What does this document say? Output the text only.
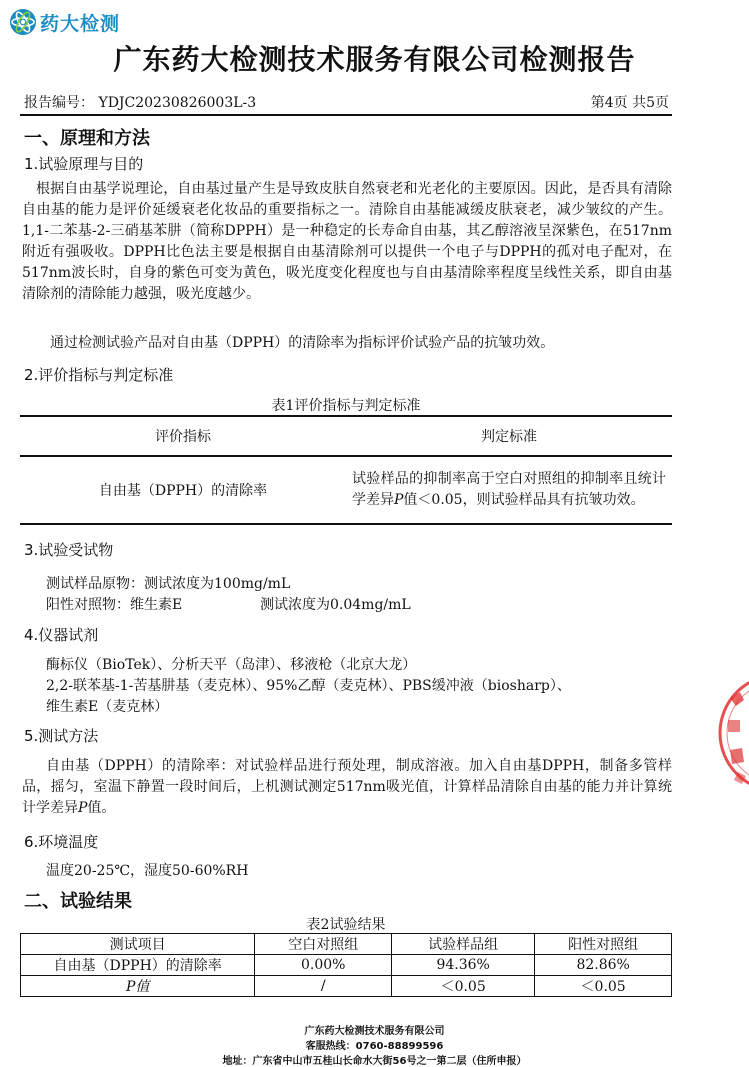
药大检测
广东药大检测技术服务有限公司检测报告
报告编号： YDJC20230826003L-3	第4页 共5页
一、原理和方法
1.试验原理与目的
根据自由基学说理论，自由基过量产生是导致皮肤自然衰老和光老化的主要原因。因此，是否具有清除自由基的能力是评价延缓衰老化妆品的重要指标之一。清除自由基能减缓皮肤衰老，减少皱纹的产生。1,1-二苯基-2-三硝基苯肼（简称DPPH）是一种稳定的长寿命自由基，其乙醇溶液呈深紫色，在517nm附近有强吸收。DPPH比色法主要是根据自由基清除剂可以提供一个电子与DPPH的孤对电子配对，在517nm波长时，自身的紫色可变为黄色，吸光度变化程度也与自由基清除率程度呈线性关系，即自由基清除剂的清除能力越强，吸光度越少。
通过检测试验产品对自由基（DPPH）的清除率为指标评价试验产品的抗皱功效。
2.评价指标与判定标准
表1评价指标与判定标准
评价指标	判定标准
自由基（DPPH）的清除率	试验样品的抑制率高于空白对照组的抑制率且统计学差异P值＜0.05，则试验样品具有抗皱功效。
3.试验受试物
测试样品原物：测试浓度为100mg/mL
阳性对照物：维生素E	测试浓度为0.04mg/mL
4.仪器试剂
酶标仪（BioTek）、分析天平（岛津）、移液枪（北京大龙）
2,2-联苯基-1-苦基肼基（麦克林）、95%乙醇（麦克林）、PBS缓冲液（biosharp）、
维生素E（麦克林）
5.测试方法
自由基（DPPH）的清除率：对试验样品进行预处理，制成溶液。加入自由基DPPH，制备多管样品，摇匀，室温下静置一段时间后，上机测试测定517nm吸光值，计算样品清除自由基的能力并计算统计学差异P值。
6.环境温度
温度20-25℃，湿度50-60%RH
二、试验结果
表2试验结果
测试项目	空白对照组	试验样品组	阳性对照组
自由基（DPPH）的清除率	0.00%	94.36%	82.86%
P值	/	＜0.05	＜0.05
广东药大检测技术服务有限公司
客服热线：0760-88899596
地址：广东省中山市五桂山长命水大街56号之一第二层（住所申报）
